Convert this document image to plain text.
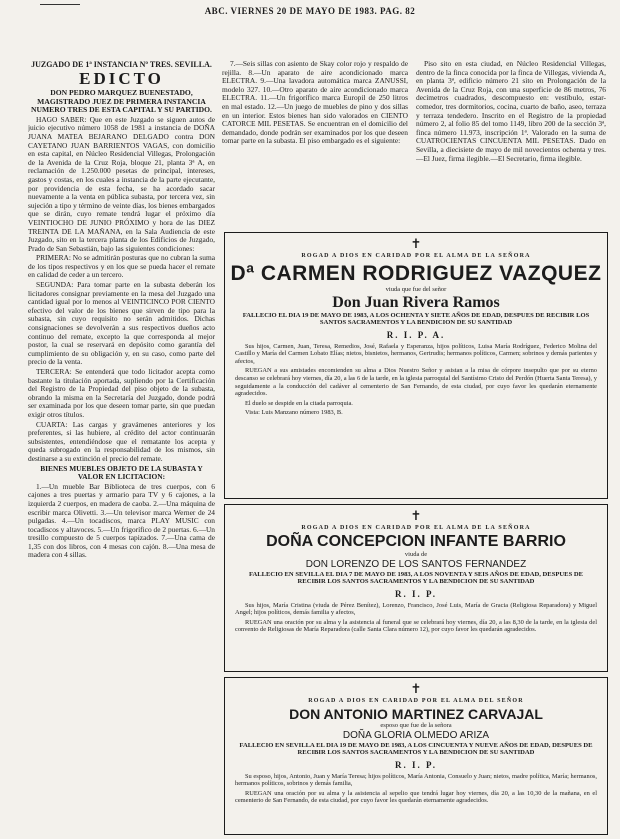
ABC. VIERNES 20 DE MAYO DE 1983. PAG. 82

JUZGADO DE 1ª INSTANCIA Nº TRES. SEVILLA.

EDICTO

DON PEDRO MARQUEZ BUENESTADO, MAGISTRADO JUEZ DE PRIMERA INSTANCIA NUMERO TRES DE ESTA CAPITAL Y SU PARTIDO.

HAGO SABER: Que en este Juzgado se siguen autos de juicio ejecutivo número 1058 de 1981 a instancia de DOÑA JUANA MATEA BEJARANO DELGADO contra DON CAYETANO JUAN BARRIENTOS VAGAS, con domicilio en esta capital, en Núcleo Residencial Villegas, Prolongación de la Avenida de la Cruz Roja, bloque 21, planta 3ª A, en reclamación de 1.250.000 pesetas de principal, intereses, gastos y costas, en los cuales a instancia de la parte ejecutante, por providencia de esta fecha, se ha acordado sacar nuevamente a la venta en pública subasta, por tercera vez, sin sujeción a tipo y término de veinte días, los bienes embargados que se dirán, cuyo remate tendrá lugar el próximo día VEINTIOCHO DE JUNIO PRÓXIMO y hora de las DIEZ TREINTA DE LA MAÑANA, en la Sala Audiencia de este Juzgado, sito en la tercera planta de los Edificios de Juzgado, Prado de San Sebastián, bajo las siguientes condiciones:

PRIMERA: No se admitirán posturas que no cubran la suma de los tipos respectivos y en los que se pueda hacer el remate en calidad de ceder a un tercero.

SEGUNDA: Para tomar parte en la subasta deberán los licitadores consignar previamente en la mesa del Juzgado una cantidad igual por lo menos al VEINTICINCO POR CIENTO efectivo del valor de los bienes que sirven de tipo para la subasta, sin cuyo requisito no serán admitidos. Dichas consignaciones se devolverán a sus respectivos dueños acto continuo del remate, excepto la que corresponda al mejor postor, la cual se reservará en depósito como garantía del cumplimiento de su obligación y, en su caso, como parte del precio de la venta.

TERCERA: Se entenderá que todo licitador acepta como bastante la titulación aportada, supliendo por la Certificación del Registro de la Propiedad del piso objeto de la subasta, obrando la misma en la Secretaría del Juzgado, donde podrá ser examinada por los que deseen tomar parte, sin que puedan exigir otros títulos.

CUARTA: Las cargas y gravámenes anteriores y los preferentes, si las hubiere, al crédito del actor continuarán subsistentes, entendiéndose que el rematante los acepta y queda subrogado en la responsabilidad de los mismos, sin destinarse a su extinción el precio del remate.

BIENES MUEBLES OBJETO DE LA SUBASTA Y VALOR EN LICITACION:

1.—Un mueble Bar Biblioteca de tres cuerpos, con 6 cajones a tres puertas y armario para TV y 6 cajones, a la izquierda 2 cuerpos, en madera de caoba. 2.—Una máquina de escribir marca Olivetti. 3.—Un televisor marca Werner de 24 pulgadas. 4.—Un tocadiscos, marca PLAY MUSIC con tocadiscos y altavoces. 5.—Un frigorífico de 2 puertas. 6.—Un tresillo compuesto de 5 cuerpos tapizados. 7.—Una cama de 1,35 con dos libros, con 4 mesas con cajón. 8.—Una mesa de madera con 4 sillas.

7.—Seis sillas con asiento de Skay color rojo y respaldo de rejilla. 8.—Un aparato de aire acondicionado marca ELECTRA. 9.—Una lavadora automática marca ZANUSSI, modelo 327. 10.—Otro aparato de aire acondicionado marca ELECTRA. 11.—Un frigorífico marca Europil de 250 litros en mal estado. 12.—Un juego de muebles de pino y dos sillas en un interior. Estos bienes han sido valorados en CIENTO CATORCE MIL PESETAS. Se encuentran en el domicilio del demandado, donde podrán ser examinados por los que deseen tomar parte en la subasta. El piso embargado es el siguiente:

Piso sito en esta ciudad, en Núcleo Residencial Villegas, dentro de la finca conocida por la finca de Villegas, vivienda A, en planta 3ª, edificio número 21 sito en Prolongación de la Avenida de la Cruz Roja, con una superficie de 86 metros, 76 decímetros cuadrados, descompuesto en: vestíbulo, estar-comedor, tres dormitorios, cocina, cuarto de baño, aseo, terraza y terraza tendedero. Inscrito en el Registro de la propiedad número 2, al folio 85 del tomo 1149, libro 200 de la sección 3ª, finca número 11.973, inscripción 1ª. Valorado en la suma de CUATROCIENTAS CINCUENTA MIL PESETAS. Dado en Sevilla, a diecisiete de mayo de mil novecientos ochenta y tres.—El Juez, firma ilegible.—El Secretario, firma ilegible.

✝
ROGAD A DIOS EN CARIDAD POR EL ALMA DE LA SEÑORA
Dª CARMEN RODRIGUEZ VAZQUEZ
viuda que fue del señor
Don Juan Rivera Ramos
FALLECIO EL DIA 19 DE MAYO DE 1983, A LOS OCHENTA Y SIETE AÑOS DE EDAD, DESPUES DE RECIBIR LOS SANTOS SACRAMENTOS Y LA BENDICION DE SU SANTIDAD
R. I. P. A.

Sus hijos, Carmen, Juan, Teresa, Remedios, José, Rafaela y Esperanza, hijos políticos, Luisa María Rodríguez, Federico Molina del Castillo y María del Carmen Lobato Elías; nietos, bisnietos, hermanos, Gertrudis; hermanos políticos, Carmen; sobrinos y demás parientes y afectos,

RUEGAN a sus amistades encomienden su alma a Dios Nuestro Señor y asistan a la misa de córpore insepulto que por su eterno descanso se celebrará hoy viernes, día 20, a las 6 de la tarde, en la iglesia parroquial del Santísimo Cristo del Perdón (Huerta Santa Teresa), y seguidamente a la conducción del cadáver al cementerio de San Fernando, de esta ciudad, por cuyo favor les quedarán eternamente agradecidos.

El duelo se despide en la citada parroquia.

Vista: Luis Manzano número 1983, B.

✝
ROGAD A DIOS EN CARIDAD POR EL ALMA DE LA SEÑORA
DOÑA CONCEPCION INFANTE BARRIO
viuda de
DON LORENZO DE LOS SANTOS FERNANDEZ
FALLECIO EN SEVILLA EL DIA 7 DE MAYO DE 1983, A LOS NOVENTA Y SEIS AÑOS DE EDAD, DESPUES DE RECIBIR LOS SANTOS SACRAMENTOS Y LA BENDICION DE SU SANTIDAD
R. I. P.

Sus hijos, María Cristina (viuda de Pérez Benítez), Lorenzo, Francisco, José Luis, María de Gracia (Religiosa Reparadora) y Miguel Angel; hijos políticos, demás familia y afectos,

RUEGAN una oración por su alma y la asistencia al funeral que se celebrará hoy viernes, día 20, a las 8,30 de la tarde, en la iglesia del convento de Religiosas de María Reparadora (calle Santa Clara número 12), por cuyo favor les quedarán agradecidos.

✝
ROGAD A DIOS EN CARIDAD POR EL ALMA DEL SEÑOR
DON ANTONIO MARTINEZ CARVAJAL
esposo que fue de la señora
DOÑA GLORIA OLMEDO ARIZA
FALLECIO EN SEVILLA EL DIA 19 DE MAYO DE 1983, A LOS CINCUENTA Y NUEVE AÑOS DE EDAD, DESPUES DE RECIBIR LOS SANTOS SACRAMENTOS Y LA BENDICION DE SU SANTIDAD
R. I. P.

Su esposo, hijos, Antonio, Juan y María Teresa; hijos políticos, María Antonia, Consuelo y Juan; nietos, madre política, María; hermanos, hermanos políticos, sobrinos y demás familia,

RUEGAN una oración por su alma y la asistencia al sepelio que tendrá lugar hoy viernes, día 20, a las 10,30 de la mañana, en el cementerio de San Fernando, de esta ciudad, por cuyo favor les quedarán eternamente agradecidos.
